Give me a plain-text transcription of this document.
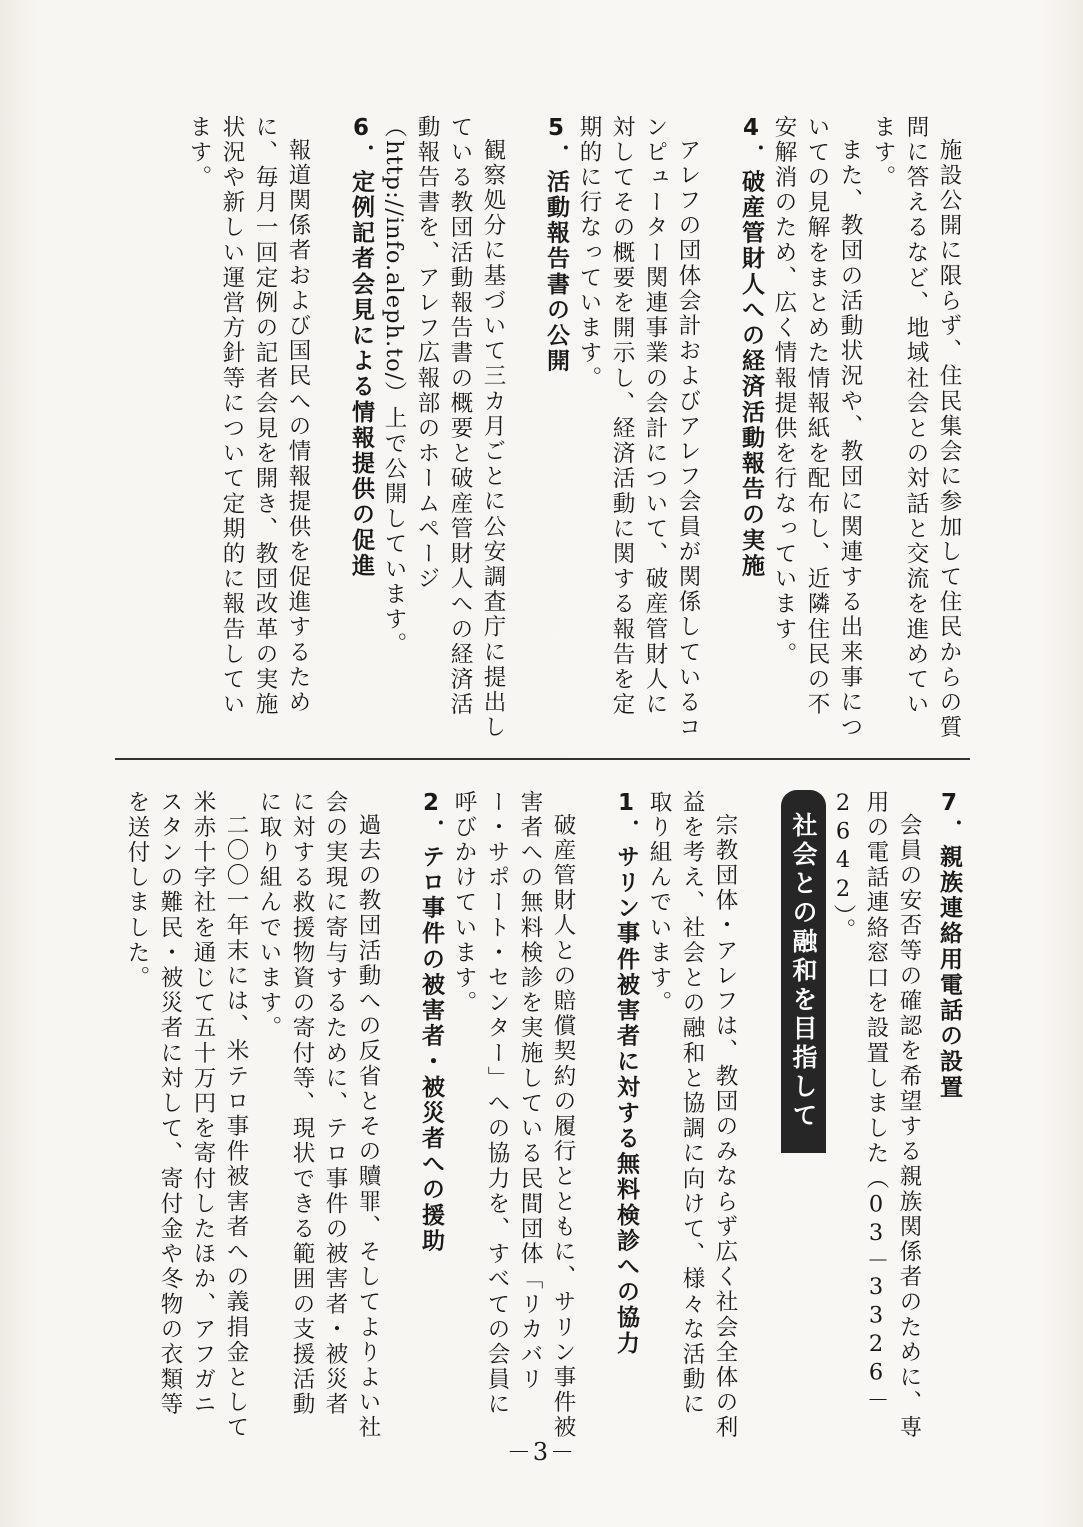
施設公開に限らず、住民集会に参加して住民からの質問に答えるなど、地域社会との対話と交流を進めています。

また、教団の活動状況や、教団に関連する出来事についての見解をまとめた情報紙を配布し、近隣住民の不安解消のため、広く情報提供を行なっています。

4．破産管財人への経済活動報告の実施

アレフの団体会計およびアレフ会員が関係しているコンピューター関連事業の会計について、破産管財人に対してその概要を開示し、経済活動に関する報告を定期的に行なっています。

5．活動報告書の公開

観察処分に基づいて三カ月ごとに公安調査庁に提出している教団活動報告書の概要と破産管財人への経済活動報告書を、アレフ広報部のホームページ（http://info.aleph.to/）上で公開しています。

6．定例記者会見による情報提供の促進

報道関係者および国民への情報提供を促進するために、毎月一回定例の記者会見を開き、教団改革の実施状況や新しい運営方針等について定期的に報告しています。

7．親族連絡用電話の設置

会員の安否等の確認を希望する親族関係者のために、専用の電話連絡窓口を設置しました（03－3326－2642）。

社会との融和を目指して

宗教団体・アレフは、教団のみならず広く社会全体の利益を考え、社会との融和と協調に向けて、様々な活動に取り組んでいます。

1．サリン事件被害者に対する無料検診への協力

破産管財人との賠償契約の履行とともに、サリン事件被害者への無料検診を実施している民間団体「リカバリー・サポート・センター」への協力を、すべての会員に呼びかけています。

2．テロ事件の被害者・被災者への援助

過去の教団活動への反省とその贖罪、そしてよりよい社会の実現に寄与するために、テロ事件の被害者・被災者に対する救援物資の寄付等、現状できる範囲の支援活動に取り組んでいます。

二〇〇一年末には、米テロ事件被害者への義捐金として米赤十字社を通じて五十万円を寄付したほか、アフガニスタンの難民・被災者に対して、寄付金や冬物の衣類等を送付しました。

－3－
